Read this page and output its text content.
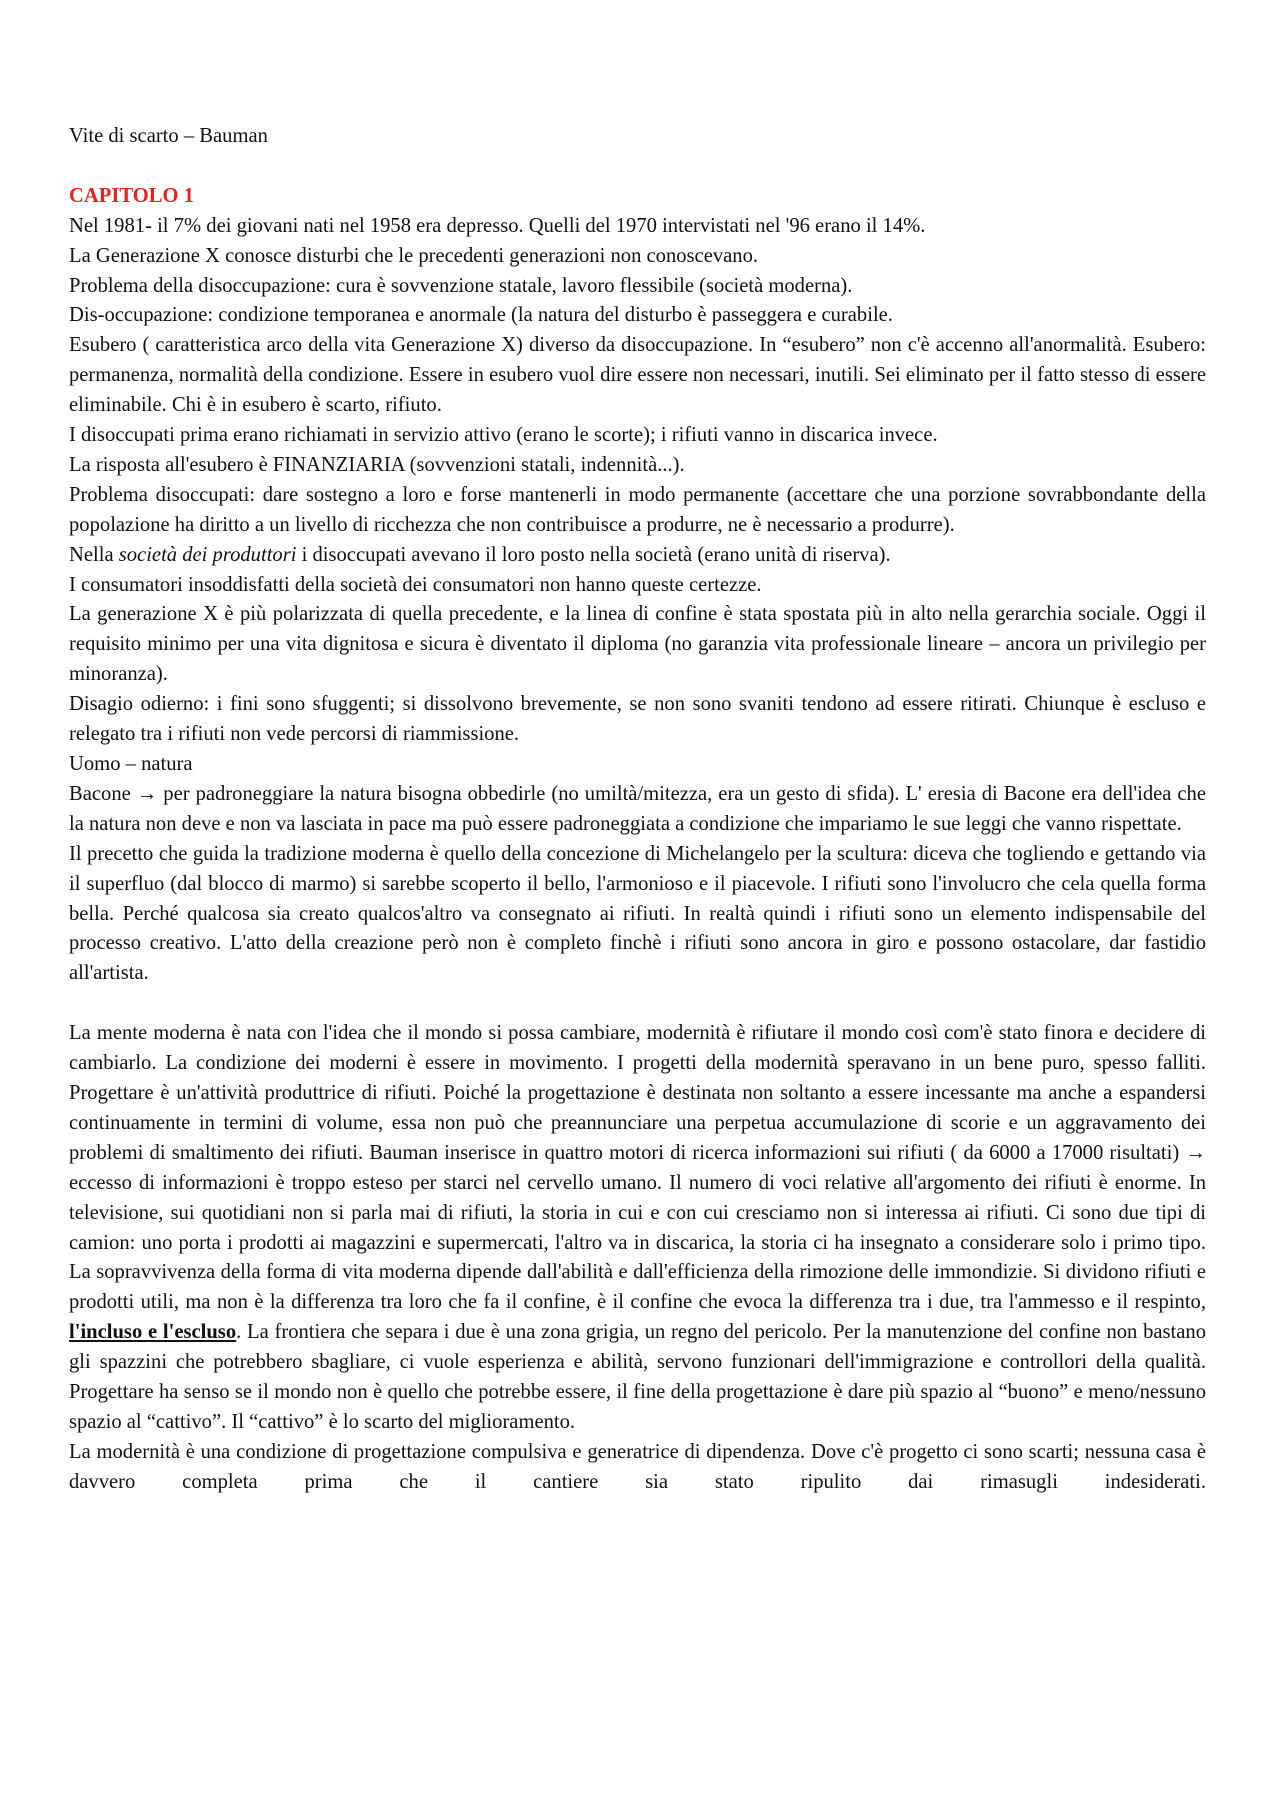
Vite di scarto – Bauman
CAPITOLO 1

Nel 1981- il 7% dei giovani nati nel 1958 era depresso. Quelli del 1970 intervistati nel '96 erano il 14%.

La Generazione X conosce disturbi che le precedenti generazioni non conoscevano.

Problema della disoccupazione: cura è sovvenzione statale, lavoro flessibile (società moderna).

Dis-occupazione: condizione temporanea e anormale (la natura del disturbo è passeggera e curabile.

Esubero ( caratteristica arco della vita Generazione X) diverso da disoccupazione. In “esubero” non c'è accenno all'anormalità. Esubero: permanenza, normalità della condizione. Essere in esubero vuol dire essere non necessari, inutili. Sei eliminato per il fatto stesso di essere eliminabile. Chi è in esubero è scarto, rifiuto.

I disoccupati prima erano richiamati in servizio attivo (erano le scorte); i rifiuti vanno in discarica invece.

La risposta all'esubero è FINANZIARIA (sovvenzioni statali, indennità...).

Problema disoccupati: dare sostegno a loro e forse mantenerli in modo permanente (accettare che una porzione sovrabbondante della popolazione ha diritto a un livello di ricchezza che non contribuisce a produrre, ne è necessario a produrre).

Nella società dei produttori i disoccupati avevano il loro posto nella società (erano unità di riserva).

I consumatori insoddisfatti della società dei consumatori non hanno queste certezze.

La generazione X è più polarizzata di quella precedente, e la linea di confine è stata spostata più in alto nella gerarchia sociale. Oggi il requisito minimo per una vita dignitosa e sicura è diventato il diploma (no garanzia vita professionale lineare – ancora un privilegio per minoranza).

Disagio odierno: i fini sono sfuggenti; si dissolvono brevemente, se non sono svaniti tendono ad essere ritirati. Chiunque è escluso e relegato tra i rifiuti non vede percorsi di riammissione.

Uomo – natura

Bacone → per padroneggiare la natura bisogna obbedirle (no umiltà/mitezza, era un gesto di sfida). L' eresia di Bacone era dell'idea che la natura non deve e non va lasciata in pace ma può essere padroneggiata a condizione che impariamo le sue leggi che vanno rispettate.

Il precetto che guida la tradizione moderna è quello della concezione di Michelangelo per la scultura: diceva che togliendo e gettando via il superfluo (dal blocco di marmo) si sarebbe scoperto il bello, l'armonioso e il piacevole. I rifiuti sono l'involucro che cela quella forma bella. Perché qualcosa sia creato qualcos'altro va consegnato ai rifiuti. In realtà quindi i rifiuti sono un elemento indispensabile del processo creativo. L'atto della creazione però non è completo finchè i rifiuti sono ancora in giro e possono ostacolare, dar fastidio all'artista.

La mente moderna è nata con l'idea che il mondo si possa cambiare, modernità è rifiutare il mondo così com'è stato finora e decidere di cambiarlo. La condizione dei moderni è essere in movimento. I progetti della modernità speravano in un bene puro, spesso falliti. Progettare è un'attività produttrice di rifiuti. Poiché la progettazione è destinata non soltanto a essere incessante ma anche a espandersi continuamente in termini di volume, essa non può che preannunciare una perpetua accumulazione di scorie e un aggravamento dei problemi di smaltimento dei rifiuti. Bauman inserisce in quattro motori di ricerca informazioni sui rifiuti ( da 6000 a 17000 risultati) → eccesso di informazioni è troppo esteso per starci nel cervello umano. Il numero di voci relative all'argomento dei rifiuti è enorme. In televisione, sui quotidiani non si parla mai di rifiuti, la storia in cui e con cui cresciamo non si interessa ai rifiuti. Ci sono due tipi di camion: uno porta i prodotti ai magazzini e supermercati, l'altro va in discarica, la storia ci ha insegnato a considerare solo i primo tipo. La sopravvivenza della forma di vita moderna dipende dall'abilità e dall'efficienza della rimozione delle immondizie. Si dividono rifiuti e prodotti utili, ma non è la differenza tra loro che fa il confine, è il confine che evoca la differenza tra i due, tra l'ammesso e il respinto, l'incluso e l'escluso. La frontiera che separa i due è una zona grigia, un regno del pericolo. Per la manutenzione del confine non bastano gli spazzini che potrebbero sbagliare, ci vuole esperienza e abilità, servono funzionari dell'immigrazione e controllori della qualità. Progettare ha senso se il mondo non è quello che potrebbe essere, il fine della progettazione è dare più spazio al “buono” e meno/nessuno spazio al “cattivo”. Il “cattivo” è lo scarto del miglioramento.

La modernità è una condizione di progettazione compulsiva e generatrice di dipendenza. Dove c'è progetto ci sono scarti; nessuna casa è davvero completa prima che il cantiere sia stato ripulito dai rimasugli indesiderati.
